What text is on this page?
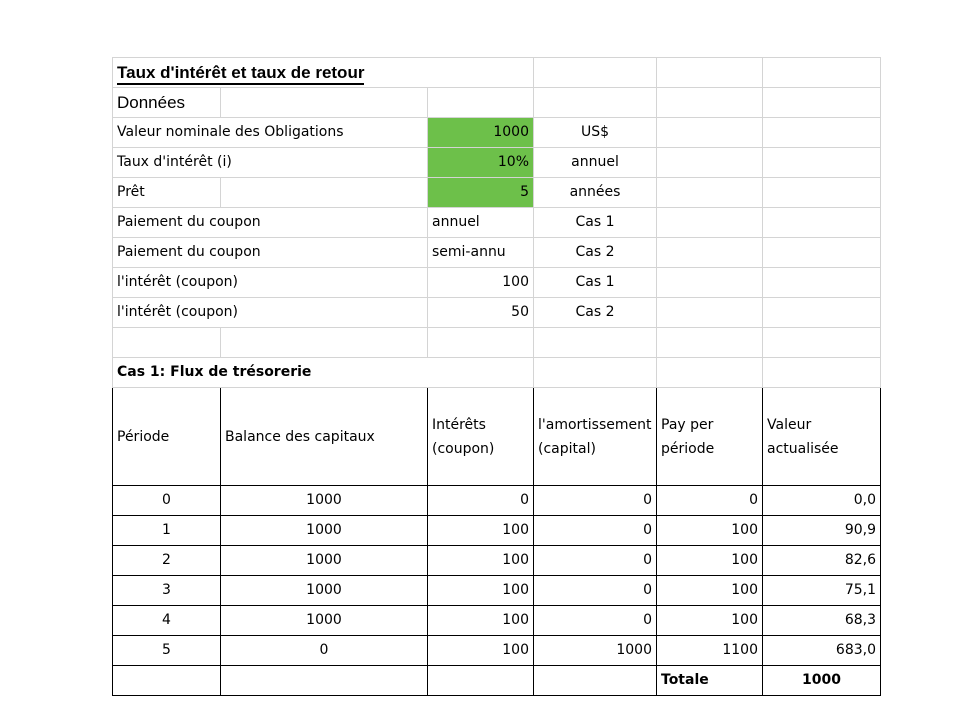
Taux d'intérêt et taux de retour					
Données					
Valeur nominale des Obligations		1000	US$		
Taux d'intérêt (i)		10%	annuel		
Prêt		5	années		
Paiement du coupon		annuel	Cas 1		
Paiement du coupon		semi-annu	Cas 2		
l'intérêt (coupon)		100	Cas 1		
l'intérêt (coupon)		50	Cas 2		

Cas 1: Flux de trésorerie					
Période	Balance des capitaux	Intérêts (coupon)	l'amortissement (capital)	Pay per période	Valeur actualisée
0	1000	0	0	0	0,0
1	1000	100	0	100	90,9
2	1000	100	0	100	82,6
3	1000	100	0	100	75,1
4	1000	100	0	100	68,3
5	0	100	1000	1100	683,0
				Totale	1000
